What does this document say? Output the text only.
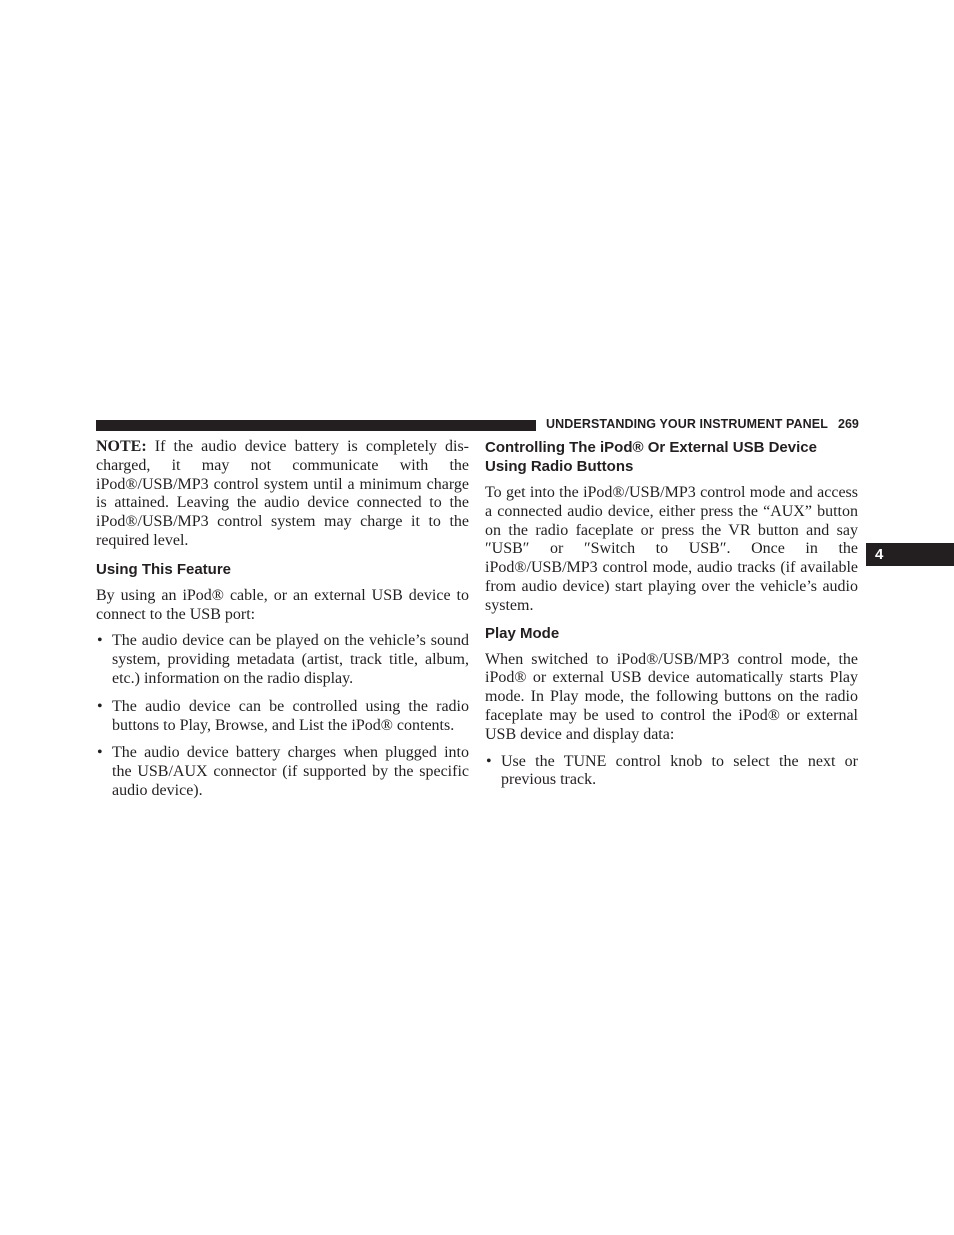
UNDERSTANDING YOUR INSTRUMENT PANEL 269
4

NOTE: If the audio device battery is completely dis-charged, it may not communicate with the iPod®/USB/MP3 control system until a minimum charge is attained. Leaving the audio device connected to the iPod®/USB/MP3 control system may charge it to the required level.

Using This Feature

By using an iPod® cable, or an external USB device to connect to the USB port:

• The audio device can be played on the vehicle’s sound system, providing metadata (artist, track title, album, etc.) information on the radio display.
• The audio device can be controlled using the radio buttons to Play, Browse, and List the iPod® contents.
• The audio device battery charges when plugged into the USB/AUX connector (if supported by the specific audio device).
Controlling The iPod® Or External USB Device Using Radio Buttons

To get into the iPod®/USB/MP3 control mode and access a connected audio device, either press the “AUX” button on the radio faceplate or press the VR button and say ″USB″ or ″Switch to USB″. Once in the iPod®/USB/MP3 control mode, audio tracks (if available from audio device) start playing over the vehicle’s audio system.

Play Mode

When switched to iPod®/USB/MP3 control mode, the iPod® or external USB device automatically starts Play mode. In Play mode, the following buttons on the radio faceplate may be used to control the iPod® or external USB device and display data:

• Use the TUNE control knob to select the next or previous track.
